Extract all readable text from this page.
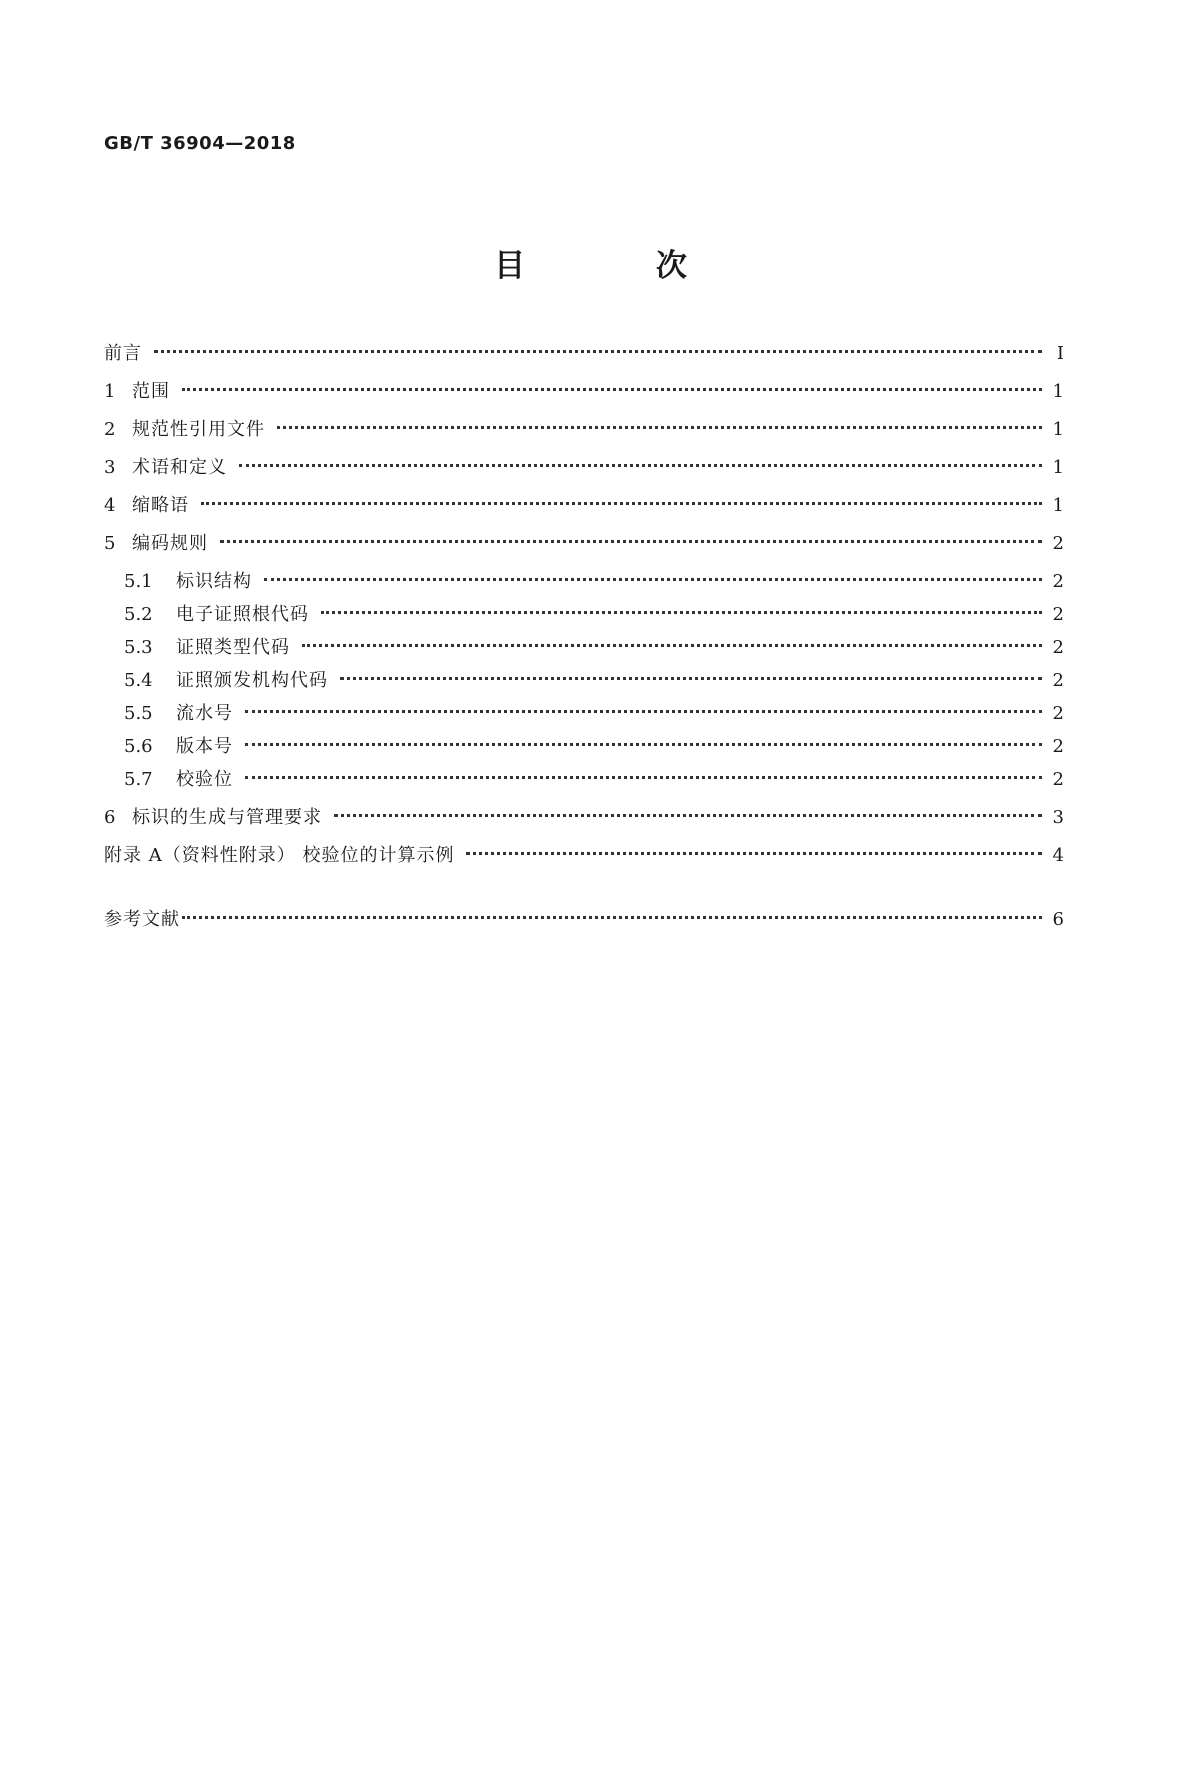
GB/T 36904—2018
目 次
前言	Ⅰ
1 范围	1
2 规范性引用文件	1
3 术语和定义	1
4 缩略语	1
5 编码规则	2
5.1	标识结构	2
5.2	电子证照根代码	2
5.3	证照类型代码	2
5.4	证照颁发机构代码	2
5.5	流水号	2
5.6	版本号	2
5.7	校验位	2
6 标识的生成与管理要求	3
附录 A（资料性附录） 校验位的计算示例	4
参考文献	6
